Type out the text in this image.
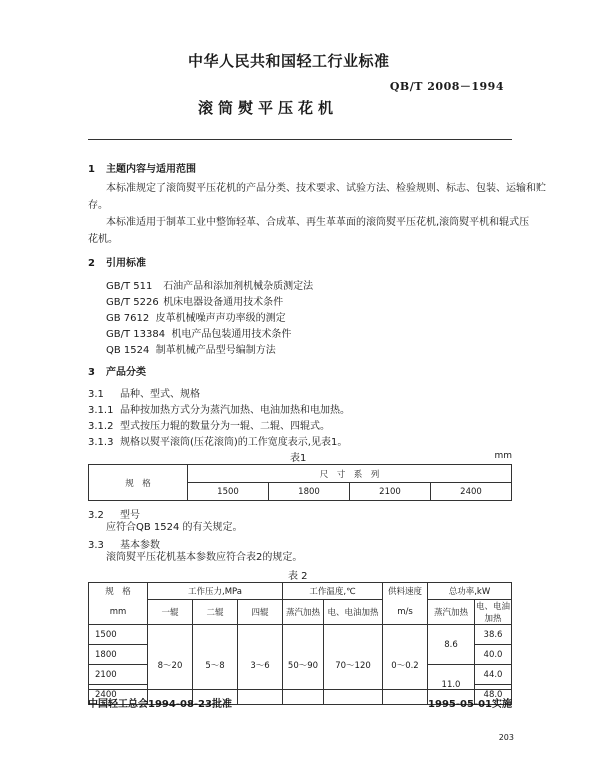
中华人民共和国轻工行业标准
QB/T 2008－1994
滚筒熨平压花机
1 主题内容与适用范围
本标准规定了滚筒熨平压花机的产品分类、技术要求、试验方法、检验规则、标志、包装、运输和贮
存。
本标准适用于制革工业中整饰轻革、合成革、再生革革面的滚筒熨平压花机,滚筒熨平机和辊式压
花机。
2 引用标准
GB/T 511 石油产品和添加剂机械杂质测定法
GB/T 5226 机床电器设备通用技术条件
GB 7612 皮革机械噪声声功率级的测定
GB/T 13384 机电产品包装通用技术条件
QB 1524 制革机械产品型号编制方法
3 产品分类
3.1 品种、型式、规格
3.1.1 品种按加热方式分为蒸汽加热、电油加热和电加热。
3.1.2 型式按压力辊的数量分为一辊、二辊、四辊式。
3.1.3 规格以熨平滚筒(压花滚筒)的工作宽度表示,见表1。
表1	mm
规　格	尺　寸　系　列			
	1500	1800	2100	2400
3.2 型号
应符合QB 1524 的有关规定。
3.3 基本参数
滚筒熨平压花机基本参数应符合表2的规定。
表 2
规　格	工作压力,MPa			工作温度,℃		供料速度	总功率,kW	
mm	一辊	二辊	四辊	蒸汽加热	电、电油加热	m/s	蒸汽加热	电、电油加热
1500	8～20	5～8	3～6	50～90	70～120	0～0.2	8.6	38.6
1800								40.0
2100							11.0	44.0
2400								48.0
中国轻工总会1994-08-23批准	1995-05-01实施
203
